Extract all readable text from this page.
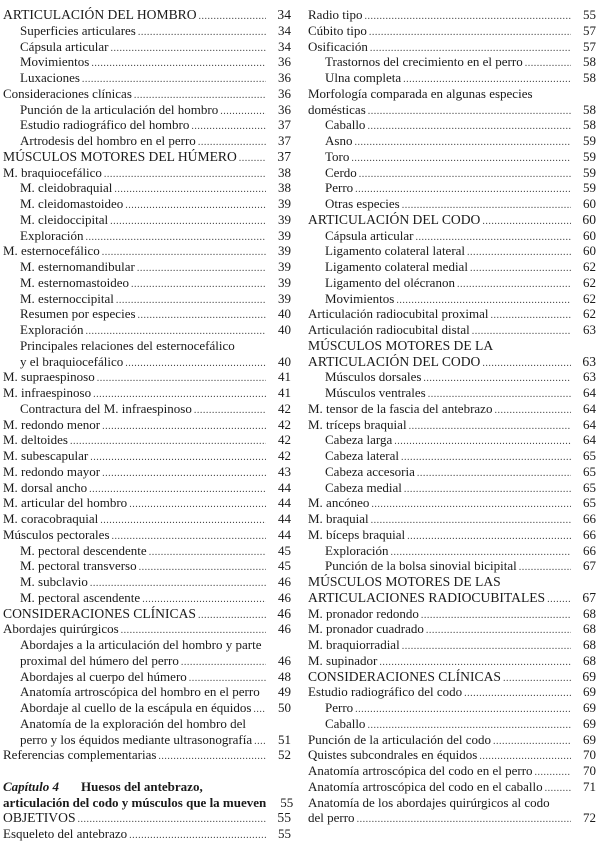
ARTICULACIÓN DEL HOMBRO .....	34
Superficies articulares .....	34
Cápsula articular .....	34
Movimientos .....	36
Luxaciones .....	36
Consideraciones clínicas .....	36
Punción de la articulación del hombro .....	36
Estudio radiográfico del hombro .....	37
Artrodesis del hombro en el perro .....	37
MÚSCULOS MOTORES DEL HÚMERO .....	37
M. braquiocefálico .....	38
M. cleidobraquial .....	38
M. cleidomastoideo .....	39
M. cleidoccipital .....	39
Exploración .....	39
M. esternocefálico .....	39
M. esternomandibular .....	39
M. esternomastoideo .....	39
M. esternoccipital .....	39
Resumen por especies .....	40
Exploración .....	40
Principales relaciones del esternocefálico
y el braquiocefálico .....	40
M. supraespinoso .....	41
M. infraespinoso .....	41
Contractura del M. infraespinoso .....	42
M. redondo menor .....	42
M. deltoides .....	42
M. subescapular .....	42
M. redondo mayor .....	43
M. dorsal ancho .....	44
M. articular del hombro .....	44
M. coracobraquial .....	44
Músculos pectorales .....	44
M. pectoral descendente .....	45
M. pectoral transverso .....	45
M. subclavio .....	46
M. pectoral ascendente .....	46
CONSIDERACIONES CLÍNICAS .....	46
Abordajes quirúrgicos .....	46
Abordajes a la articulación del hombro y parte
proximal del húmero del perro .....	46
Abordajes al cuerpo del húmero .....	48
Anatomía artroscópica del hombro en el perro	49
Abordaje al cuello de la escápula en équidos .....	50
Anatomía de la exploración del hombro del
perro y los équidos mediante ultrasonografía .....	51
Referencias complementarias .....	52
Capítulo 4 Huesos del antebrazo,
articulación del codo y músculos que la mueven	55
OBJETIVOS .....	55
Esqueleto del antebrazo .....	55
Radio tipo .....	55
Cúbito tipo .....	57
Osificación .....	57
Trastornos del crecimiento en el perro .....	58
Ulna completa .....	58
Morfología comparada en algunas especies
domésticas .....	58
Caballo .....	58
Asno .....	59
Toro .....	59
Cerdo .....	59
Perro .....	59
Otras especies .....	60
ARTICULACIÓN DEL CODO .....	60
Cápsula articular .....	60
Ligamento colateral lateral .....	60
Ligamento colateral medial .....	62
Ligamento del olécranon .....	62
Movimientos .....	62
Articulación radiocubital proximal .....	62
Articulación radiocubital distal .....	63
MÚSCULOS MOTORES DE LA
ARTICULACIÓN DEL CODO .....	63
Músculos dorsales .....	63
Músculos ventrales .....	64
M. tensor de la fascia del antebrazo .....	64
M. tríceps braquial .....	64
Cabeza larga .....	64
Cabeza lateral .....	65
Cabeza accesoria .....	65
Cabeza medial .....	65
M. ancóneo .....	65
M. braquial .....	66
M. bíceps braquial .....	66
Exploración .....	66
Punción de la bolsa sinovial bicipital .....	67
MÚSCULOS MOTORES DE LAS
ARTICULACIONES RADIOCUBITALES .....	67
M. pronador redondo .....	68
M. pronador cuadrado .....	68
M. braquiorradial .....	68
M. supinador .....	68
CONSIDERACIONES CLÍNICAS .....	69
Estudio radiográfico del codo .....	69
Perro .....	69
Caballo .....	69
Punción de la articulación del codo .....	69
Quistes subcondrales en équidos .....	70
Anatomía artroscópica del codo en el perro .....	70
Anatomía artroscópica del codo en el caballo .....	71
Anatomía de los abordajes quirúrgicos al codo
del perro .....	72
